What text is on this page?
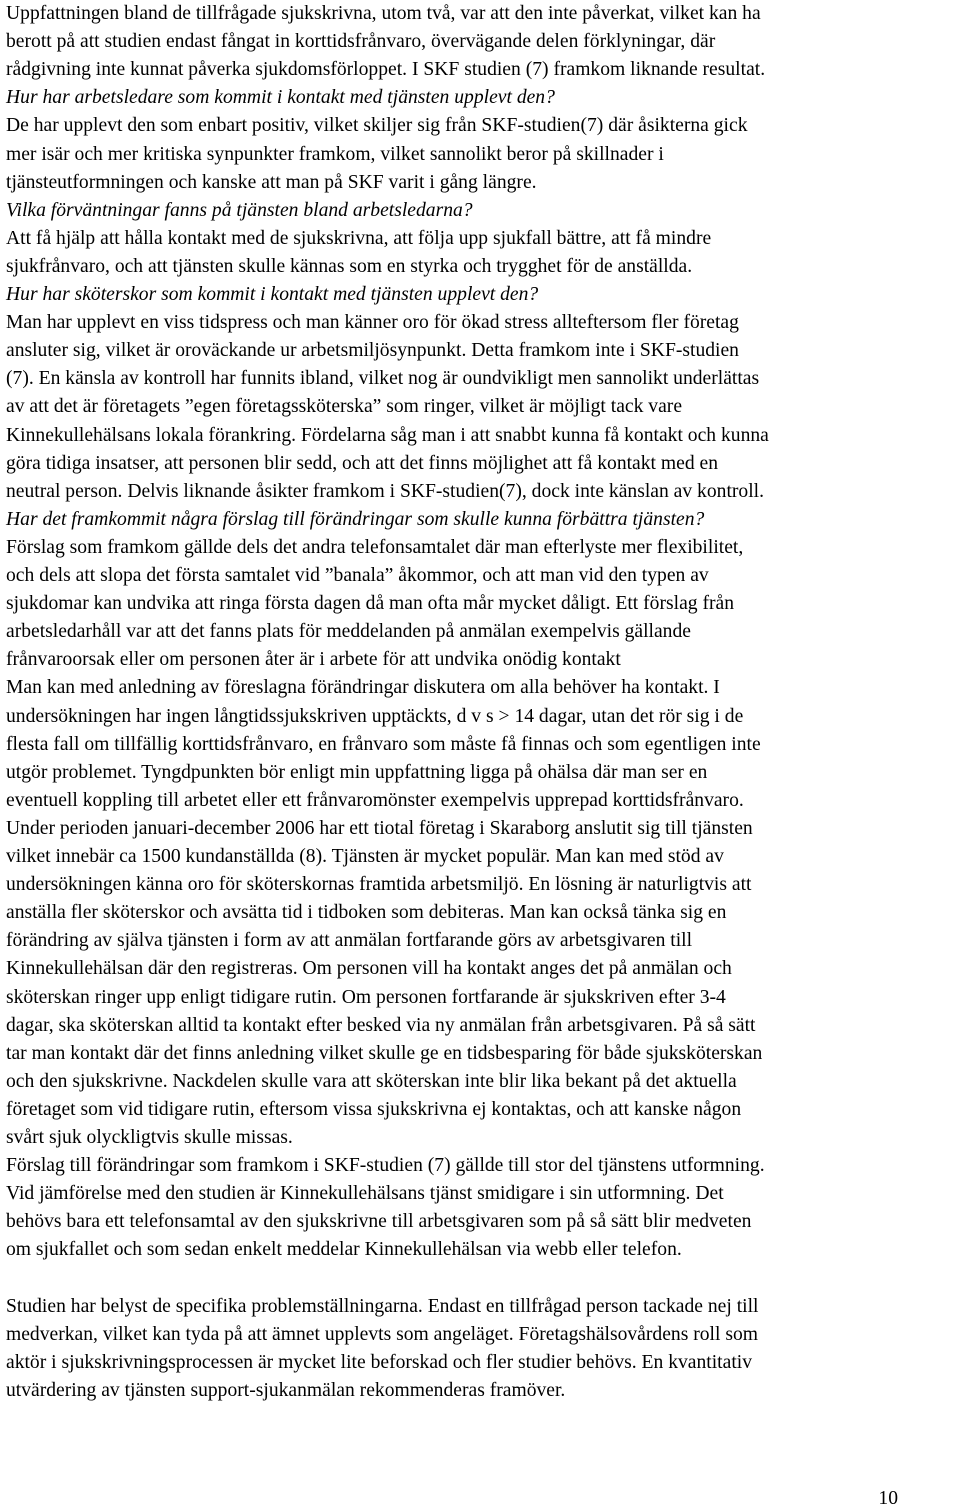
Uppfattningen bland de tillfrågade sjukskrivna, utom två, var att den inte påverkat, vilket kan ha
berott på att studien endast fångat in korttidsfrånvaro, övervägande delen förklyningar, där
rådgivning inte kunnat påverka sjukdomsförloppet. I SKF studien (7) framkom liknande resultat.
Hur har arbetsledare som kommit i kontakt med tjänsten upplevt den?
De har upplevt den som enbart positiv, vilket skiljer sig från SKF-studien(7) där åsikterna gick
mer isär och mer kritiska synpunkter framkom, vilket sannolikt beror på skillnader i
tjänsteutformningen och kanske att man på SKF varit i gång längre.
Vilka förväntningar fanns på tjänsten bland arbetsledarna?
Att få hjälp att hålla kontakt med de sjukskrivna, att följa upp sjukfall bättre, att få mindre
sjukfrånvaro, och att tjänsten skulle kännas som en styrka och trygghet för de anställda.
Hur har sköterskor som kommit i kontakt med tjänsten upplevt den?
Man har upplevt en viss tidspress och man känner oro för ökad stress allteftersom fler företag
ansluter sig, vilket är oroväckande ur arbetsmiljösynpunkt. Detta framkom inte i SKF-studien
(7). En känsla av kontroll har funnits ibland, vilket nog är oundvikligt men sannolikt underlättas
av att det är företagets ”egen företagssköterska” som ringer, vilket är möjligt tack vare
Kinnekullehälsans lokala förankring. Fördelarna såg man i att snabbt kunna få kontakt och kunna
göra tidiga insatser, att personen blir sedd, och att det finns möjlighet att få kontakt med en
neutral person. Delvis liknande åsikter framkom i SKF-studien(7), dock inte känslan av kontroll.
Har det framkommit några förslag till förändringar som skulle kunna förbättra tjänsten?
Förslag som framkom gällde dels det andra telefonsamtalet där man efterlyste mer flexibilitet,
och dels att slopa det första samtalet vid ”banala” åkommor, och att man vid den typen av
sjukdomar kan undvika att ringa första dagen då man ofta mår mycket dåligt. Ett förslag från
arbetsledarhåll var att det fanns plats för meddelanden på anmälan exempelvis gällande
frånvaroorsak eller om personen åter är i arbete för att undvika onödig kontakt
Man kan med anledning av föreslagna förändringar diskutera om alla behöver ha kontakt. I
undersökningen har ingen långtidssjukskriven upptäckts, d v s > 14 dagar, utan det rör sig i de
flesta fall om tillfällig korttidsfrånvaro, en frånvaro som måste få finnas och som egentligen inte
utgör problemet. Tyngdpunkten bör enligt min uppfattning ligga på ohälsa där man ser en
eventuell koppling till arbetet eller ett frånvaromönster exempelvis upprepad korttidsfrånvaro.
Under perioden januari-december 2006 har ett tiotal företag i Skaraborg anslutit sig till tjänsten
vilket innebär ca 1500 kundanställda (8). Tjänsten är mycket populär. Man kan med stöd av
undersökningen känna oro för sköterskornas framtida arbetsmiljö. En lösning är naturligtvis att
anställa fler sköterskor och avsätta tid i tidboken som debiteras. Man kan också tänka sig en
förändring av själva tjänsten i form av att anmälan fortfarande görs av arbetsgivaren till
Kinnekullehälsan där den registreras. Om personen vill ha kontakt anges det på anmälan och
sköterskan ringer upp enligt tidigare rutin. Om personen fortfarande är sjukskriven efter 3-4
dagar, ska sköterskan alltid ta kontakt efter besked via ny anmälan från arbetsgivaren. På så sätt
tar man kontakt där det finns anledning vilket skulle ge en tidsbesparing för både sjuksköterskan
och den sjukskrivne. Nackdelen skulle vara att sköterskan inte blir lika bekant på det aktuella
företaget som vid tidigare rutin, eftersom vissa sjukskrivna ej kontaktas, och att kanske någon
svårt sjuk olyckligtvis skulle missas.
Förslag till förändringar som framkom i SKF-studien (7) gällde till stor del tjänstens utformning.
Vid jämförelse med den studien är Kinnekullehälsans tjänst smidigare i sin utformning. Det
behövs bara ett telefonsamtal av den sjukskrivne till arbetsgivaren som på så sätt blir medveten
om sjukfallet och som sedan enkelt meddelar Kinnekullehälsan via webb eller telefon.
Studien har belyst de specifika problemställningarna. Endast en tillfrågad person tackade nej till
medverkan, vilket kan tyda på att ämnet upplevts som angeläget. Företagshälsovårdens roll som
aktör i sjukskrivningsprocessen är mycket lite beforskad och fler studier behövs. En kvantitativ
utvärdering av tjänsten support-sjukanmälan rekommenderas framöver.
10
